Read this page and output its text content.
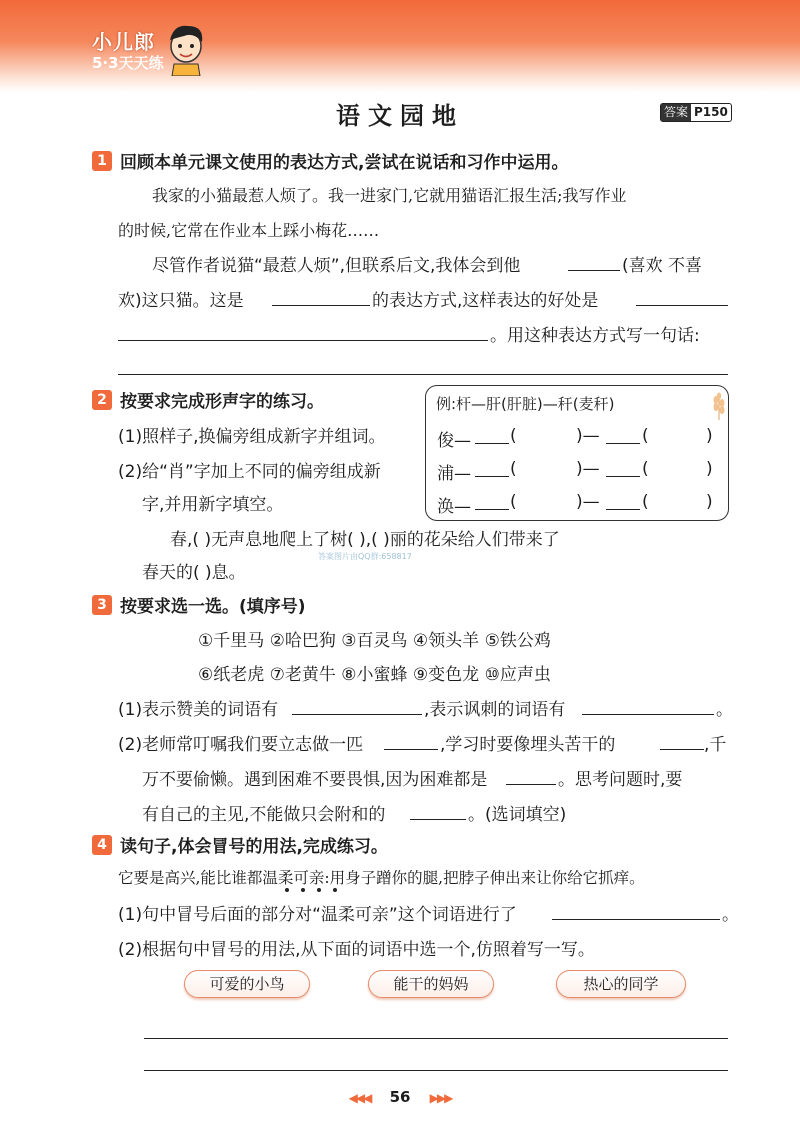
小儿郎
5·3天天练
语文园地	答案 P150
1 回顾本单元课文使用的表达方式,尝试在说话和习作中运用。
我家的小猫最惹人烦了。我一进家门,它就用猫语汇报生活;我写作业
的时候,它常在作业本上踩小梅花……
尽管作者说猫“最惹人烦”,但联系后文,我体会到他	(喜欢 不喜
欢)这只猫。这是	的表达方式,这样表达的好处是
。用这种表达方式写一句话:
2 按要求完成形声字的练习。
(1)照样子,换偏旁组成新字并组词。
(2)给“肖”字加上不同的偏旁组成新
字,并用新字填空。
例:杆—肝(肝脏)—秆(麦秆)
俊— (	)— (	)
浦— (	)— (	)
涣— (	)— (	)
春,( )无声息地爬上了树( ),( )丽的花朵给人们带来了
答案图片由QQ群:658817
春天的( )息。
3 按要求选一选。(填序号)
①千里马 ②哈巴狗 ③百灵鸟 ④领头羊 ⑤铁公鸡
⑥纸老虎 ⑦老黄牛 ⑧小蜜蜂 ⑨变色龙 ⑩应声虫
(1)表示赞美的词语有	,表示讽刺的词语有	。
(2)老师常叮嘱我们要立志做一匹	,学习时要像埋头苦干的	,千
万不要偷懒。遇到困难不要畏惧,因为困难都是	。思考问题时,要
有自己的主见,不能做只会附和的	。(选词填空)
4 读句子,体会冒号的用法,完成练习。
它要是高兴,能比谁都温柔可亲:用身子蹭你的腿,把脖子伸出来让你给它抓痒。
(1)句中冒号后面的部分对“温柔可亲”这个词语进行了	。
(2)根据句中冒号的用法,从下面的词语中选一个,仿照着写一写。
可爱的小鸟	能干的妈妈	热心的同学
◀◀◀ 56 ▶▶▶
